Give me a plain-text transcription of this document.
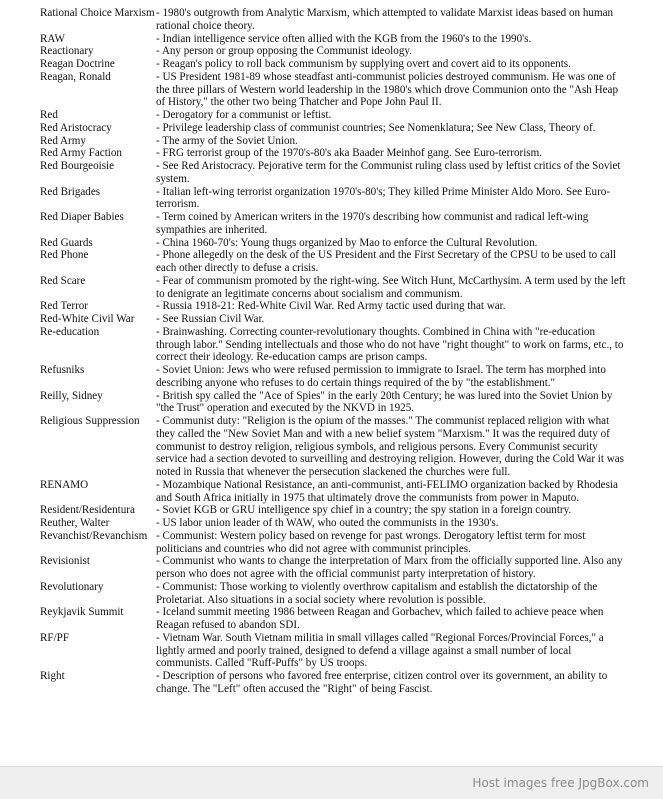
Rational Choice Marxism - 1980's outgrowth from Analytic Marxism, which attempted to validate Marxist ideas based on human rational choice theory.
RAW	- Indian intelligence service often allied with the KGB from the 1960's to the 1990's.
Reactionary	- Any person or group opposing the Communist ideology.
Reagan Doctrine	- Reagan's policy to roll back communism by supplying overt and covert aid to its opponents.
Reagan, Ronald	- US President 1981-89 whose steadfast anti-communist policies destroyed communism. He was one of the three pillars of Western world leadership in the 1980's which drove Communion onto the "Ash Heap of History," the other two being Thatcher and Pope John Paul II.
Red	- Derogatory for a communist or leftist.
Red Aristocracy	- Privilege leadership class of communist countries; See Nomenklatura; See New Class, Theory of.
Red Army	- The army of the Soviet Union.
Red Army Faction	- FRG terrorist group of the 1970's-80's aka Baader Meinhof gang. See Euro-terrorism.
Red Bourgeoisie	- See Red Aristocracy. Pejorative term for the Communist ruling class used by leftist critics of the Soviet system.
Red Brigades	- Italian left-wing terrorist organization 1970's-80's; They killed Prime Minister Aldo Moro. See Euro-terrorism.
Red Diaper Babies	- Term coined by American writers in the 1970's describing how communist and radical left-wing sympathies are inherited.
Red Guards	- China 1960-70's: Young thugs organized by Mao to enforce the Cultural Revolution.
Red Phone	- Phone allegedly on the desk of the US President and the First Secretary of the CPSU to be used to call each other directly to defuse a crisis.
Red Scare	- Fear of communism promoted by the right-wing. See Witch Hunt, McCarthysim. A term used by the left to denigrate an legitimate concerns about socialism and communism.
Red Terror	- Russia 1918-21: Red-White Civil War. Red Army tactic used during that war.
Red-White Civil War	- See Russian Civil War.
Re-education	- Brainwashing. Correcting counter-revolutionary thoughts. Combined in China with "re-education through labor." Sending intellectuals and those who do not have "right thought" to work on farms, etc., to correct their ideology. Re-education camps are prison camps.
Refusniks	- Soviet Union: Jews who were refused permission to immigrate to Israel. The term has morphed into describing anyone who refuses to do certain things required of the by "the establishment."
Reilly, Sidney	- British spy called the "Ace of Spies" in the early 20th Century; he was lured into the Soviet Union by "the Trust" operation and executed by the NKVD in 1925.
Religious Suppression	- Communist duty: "Religion is the opium of the masses." The communist replaced religion with what they called the "New Soviet Man and with a new belief system "Marxism." It was the required duty of communist to destroy religion, religious symbols, and religious persons. Every Communist security service had a section devoted to surveilling and destroying religion. However, during the Cold War it was noted in Russia that whenever the persecution slackened the churches were full.
RENAMO	- Mozambique National Resistance, an anti-communist, anti-FELIMO organization backed by Rhodesia and South Africa initially in 1975 that ultimately drove the communists from power in Maputo.
Resident/Residentura	- Soviet KGB or GRU intelligence spy chief in a country; the spy station in a foreign country.
Reuther, Walter	- US labor union leader of th WAW, who outed the communists in the 1930's.
Revanchist/Revanchism - Communist: Western policy based on revenge for past wrongs. Derogatory leftist term for most politicians and countries who did not agree with communist principles.
Revisionist	- Communist who wants to change the interpretation of Marx from the officially supported line. Also any person who does not agree with the official communist party interpretation of history.
Revolutionary	- Communist: Those working to violently overthrow capitalism and establish the dictatorship of the Proletariat. Also situations in a social society where revolution is possible.
Reykjavik Summit	- Iceland summit meeting 1986 between Reagan and Gorbachev, which failed to achieve peace when Reagan refused to abandon SDI.
RF/PF	- Vietnam War. South Vietnam militia in small villages called "Regional Forces/Provincial Forces," a lightly armed and poorly trained, designed to defend a village against a small number of local communists. Called "Ruff-Puffs" by US troops.
Right	- Description of persons who favored free enterprise, citizen control over its government, an ability to change. The "Left" often accused the "Right" of being Fascist.
Host images free JpgBox.com
